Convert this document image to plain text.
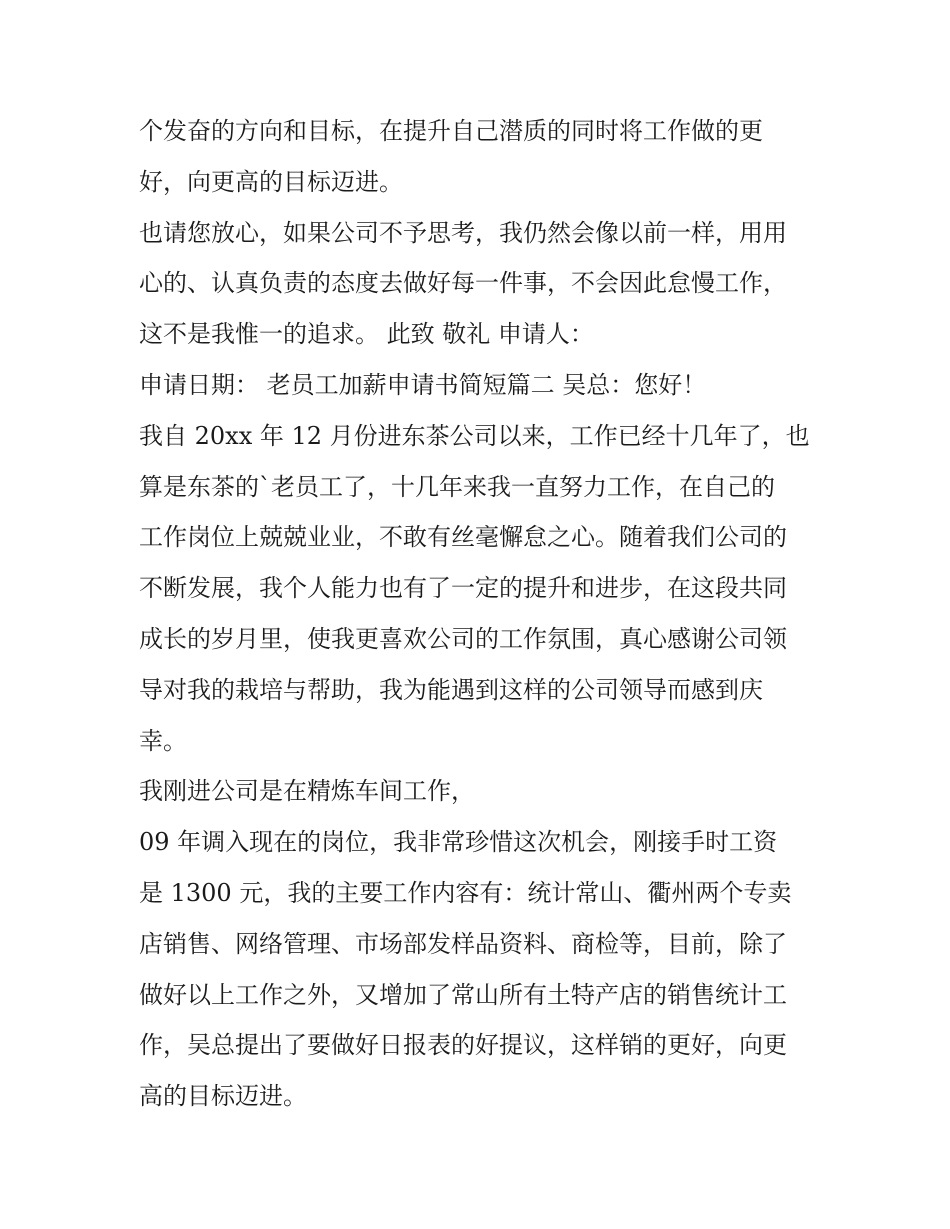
个发奋的方向和目标，在提升自己潜质的同时将工作做的更
好，向更高的目标迈进。
也请您放心，如果公司不予思考，我仍然会像以前一样，用用
心的、认真负责的态度去做好每一件事，不会因此怠慢工作，
这不是我惟一的追求。 此致 敬礼 申请人：
申请日期： 老员工加薪申请书简短篇二 吴总：您好！
我自 20xx 年 12 月份进东茶公司以来，工作已经十几年了，也
算是东茶的`老员工了，十几年来我一直努力工作，在自己的
工作岗位上兢兢业业，不敢有丝毫懈怠之心。随着我们公司的
不断发展，我个人能力也有了一定的提升和进步，在这段共同
成长的岁月里，使我更喜欢公司的工作氛围，真心感谢公司领
导对我的栽培与帮助，我为能遇到这样的公司领导而感到庆
幸。
我刚进公司是在精炼车间工作，
09 年调入现在的岗位，我非常珍惜这次机会，刚接手时工资
是 1300 元，我的主要工作内容有：统计常山、衢州两个专卖
店销售、网络管理、市场部发样品资料、商检等，目前，除了
做好以上工作之外，又增加了常山所有土特产店的销售统计工
作，吴总提出了要做好日报表的好提议，这样销的更好，向更
高的目标迈进。
